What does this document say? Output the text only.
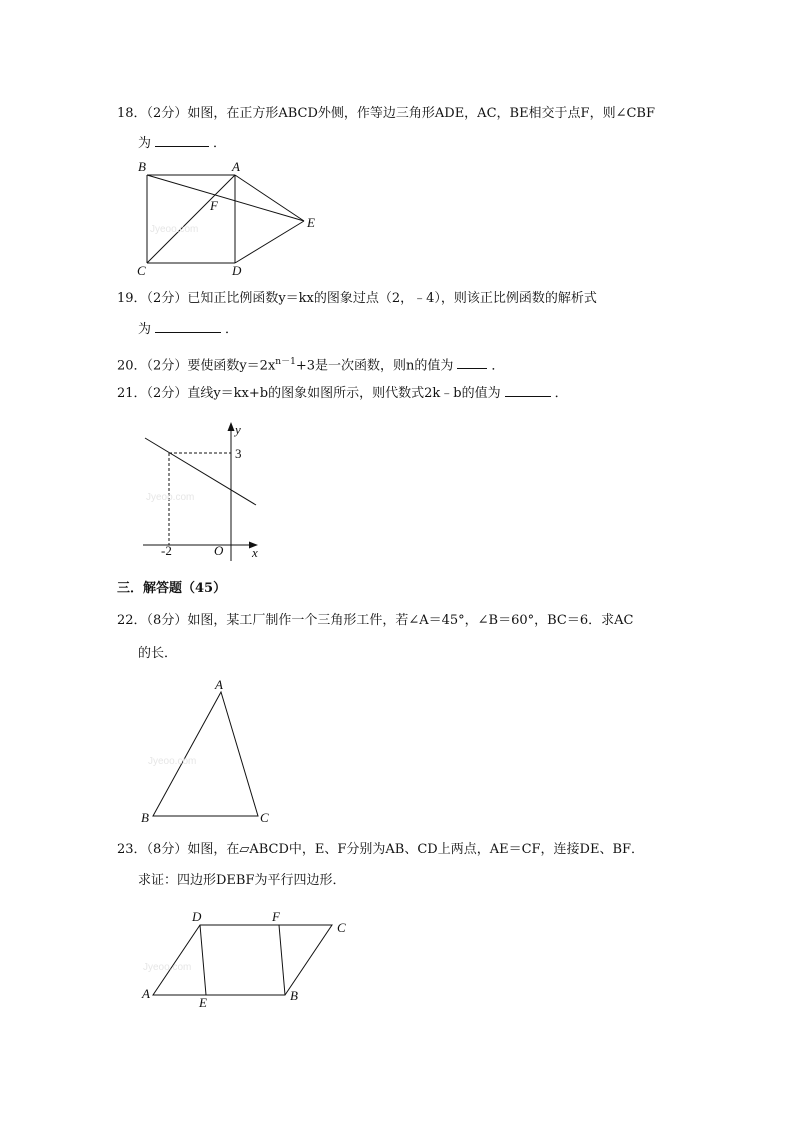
18．（2分）如图，在正方形ABCD外侧，作等边三角形ADE，AC，BE相交于点F，则∠CBF
为	．
Jyeoo.com
B	A
F
E
C	D
19．（2分）已知正比例函数y＝kx的图象过点（2，﹣4），则该正比例函数的解析式
为	．
20．（2分）要使函数$y=2x^{n-1}+3$是一次函数，则n的值为	．
21．（2分）直线y＝kx+b的图象如图所示，则代数式2k﹣b的值为	．
Jyeoo.com
y
x
O
3
-2
三．解答题（45）
22．（8分）如图，某工厂制作一个三角形工件，若∠A＝45°，∠B＝60°，BC＝6．求AC
的长．
Jyeoo.com
A
B	C
23．（8分）如图，在▱ABCD中，E、F分别为AB、CD上两点，AE＝CF，连接DE、BF．
求证：四边形DEBF为平行四边形．
Jyeoo.com
D	F
C
A
E	B
